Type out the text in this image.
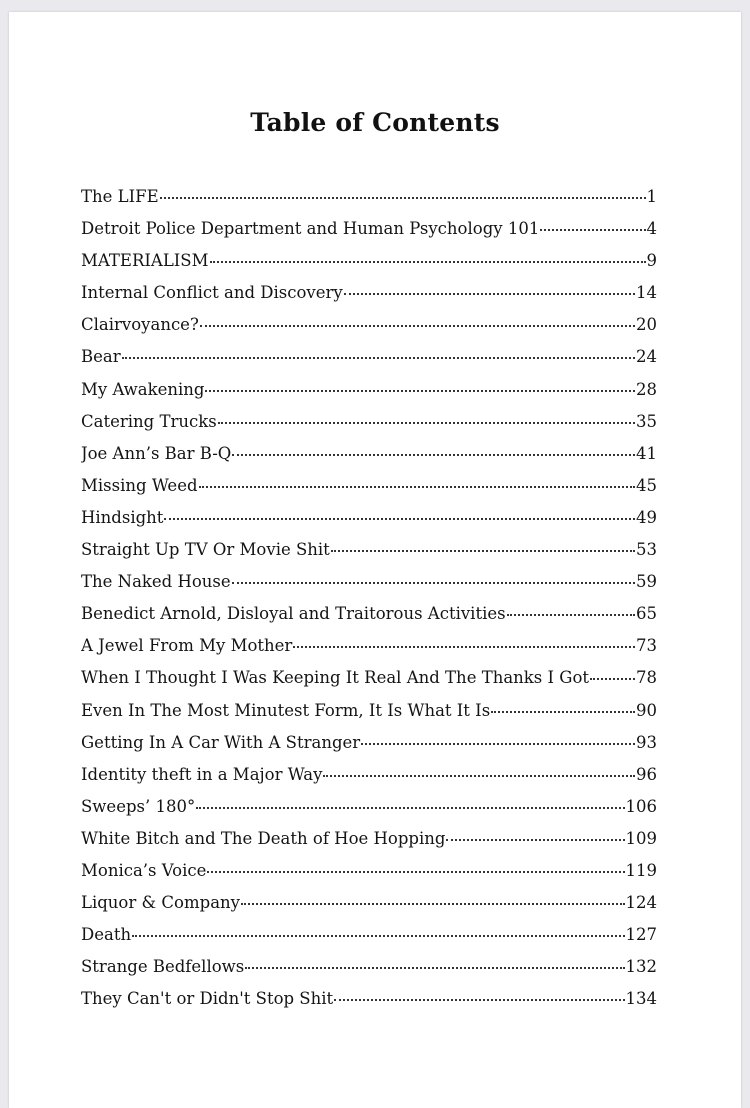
Table of Contents
The LIFE	1
Detroit Police Department and Human Psychology 101	4
MATERIALISM	9
Internal Conflict and Discovery	14
Clairvoyance?	20
Bear	24
My Awakening	28
Catering Trucks	35
Joe Ann’s Bar B-Q	41
Missing Weed	45
Hindsight	49
Straight Up TV Or Movie Shit	53
The Naked House	59
Benedict Arnold, Disloyal and Traitorous Activities	65
A Jewel From My Mother	73
When I Thought I Was Keeping It Real And The Thanks I Got	78
Even In The Most Minutest Form, It Is What It Is	90
Getting In A Car With A Stranger	93
Identity theft in a Major Way	96
Sweeps’ 180°	106
White Bitch and The Death of Hoe Hopping	109
Monica’s Voice	119
Liquor & Company	124
Death	127
Strange Bedfellows	132
They Can't or Didn't Stop Shit	134
